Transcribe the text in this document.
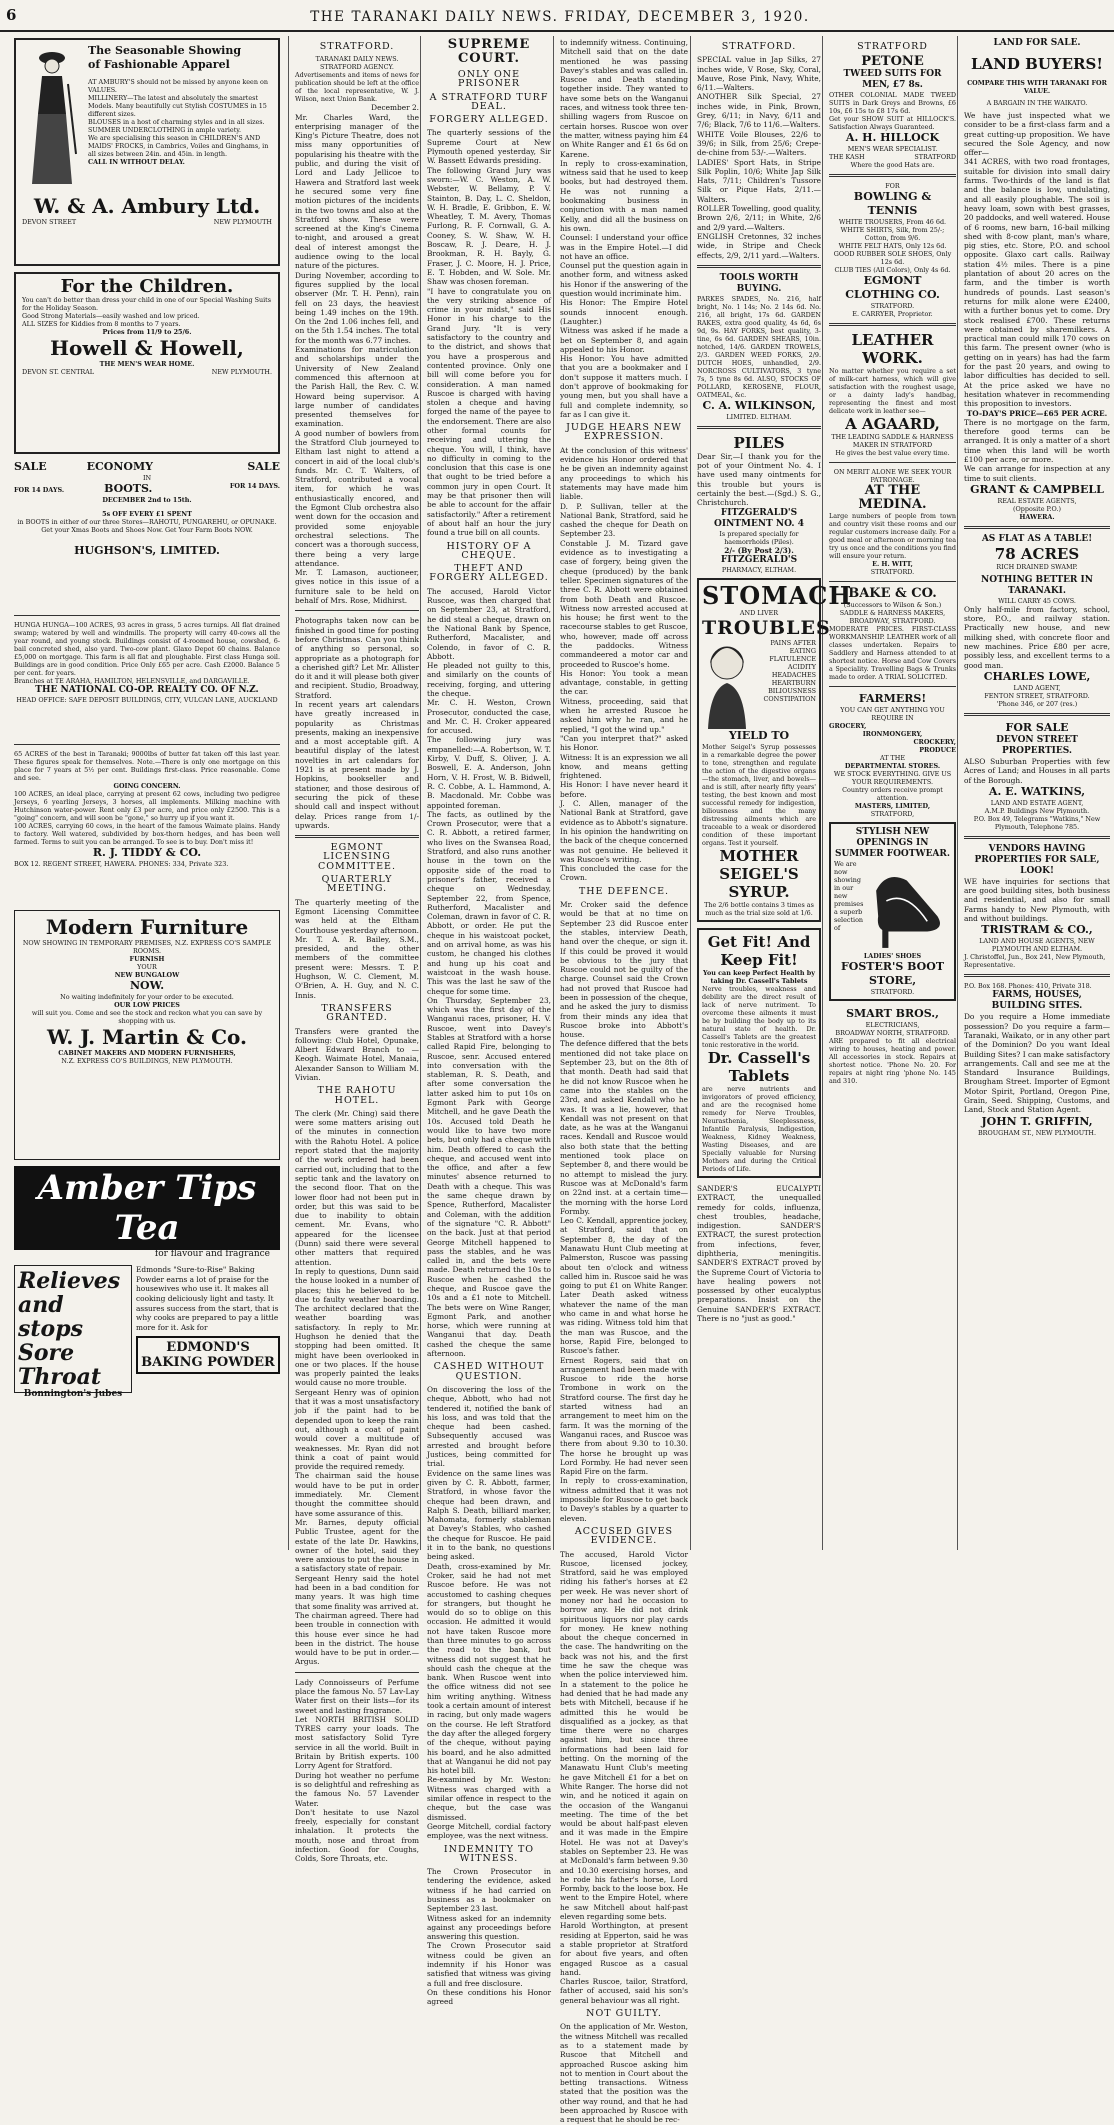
6	THE TARANAKI DAILY NEWS. FRIDAY, DECEMBER 3, 1920.
The Seasonable Showing
of Fashionable Apparel
AT AMBURY'S should not be missed by anyone keen on VALUES.
MILLINERY—The latest and absolutely the smartest Models. Many beautifully cut Stylish COSTUMES in 15 different sizes.
BLOUSES in a host of charming styles and in all sizes.
SUMMER UNDERCLOTHING in ample variety.
We are specialising this season in CHILDREN'S AND MAIDS' FROCKS, in Cambrics, Voiles and Ginghams, in all sizes between 24in. and 45in. in length.
CALL IN WITHOUT DELAY.
W. & A. Ambury Ltd.
DEVON STREET	NEW PLYMOUTH
For the Children.
You can't do better than dress your child in one of our Special Washing Suits for the Holiday Season.
Good Strong Materials—easily washed and low priced.
ALL SIZES for Kiddies from 8 months to 7 years.
Prices from 11/9 to 25/6.
Howell & Howell,
THE MEN'S WEAR HOME.
DEVON ST. CENTRAL	NEW PLYMOUTH.
SALE	ECONOMY	SALE
IN
FOR 14 DAYS.	BOOTS.	FOR 14 DAYS.
DECEMBER 2nd to 15th.
5s OFF EVERY £1 SPENT
in BOOTS in either of our three Stores—RAHOTU, PUNGAREHU, or OPUNAKE.
Get your Xmas Boots and Shoes Now. Get Your Farm Boots NOW.
HUGHSON'S, LIMITED.
HUNGA HUNGA—100 ACRES, 93 acres in grass, 5 acres turnips. All flat drained swamp; watered by well and windmills. The property will carry 40-cows all the year round, and young stock. Buildings consist of 4-roomed house, cowshed, 6-bail concreted shed, also yard. Two-cow plant. Glaxo Depot 60 chains. Balance £5,000 on mortgage. This farm is all flat and ploughable. First class Hunga soil. Buildings are in good condition. Price Only £65 per acre. Cash £2000. Balance 5 per cent. for years.
Branches at TE ARAHA, HAMILTON, HELENSVILLE, and DARGAVILLE.
THE NATIONAL CO-OP. REALTY CO. OF N.Z.
HEAD OFFICE: SAFE DEPOSIT BUILDINGS, CITY, VULCAN LANE, AUCKLAND
65 ACRES of the best in Taranaki; 9000lbs of butter fat taken off this last year. These figures speak for themselves. Note.—There is only one mortgage on this place for 7 years at 5½ per cent. Buildings first-class. Price reasonable. Come and see.
GOING CONCERN.
100 ACRES, an ideal place, carrying at present 62 cows, including two pedigree Jerseys, 6 yearling Jerseys, 3 horses, all implements. Milking machine with Hutchinson water-power. Rent only £3 per acre, and price only £2500. This is a "going" concern, and will soon be "gone," so hurry up if you want it.
100 ACRES, carrying 60 cows, in the heart of the famous Waimate plains. Handy to factory. Well watered, subdivided by box-thorn hedges, and has been well farmed. Terms to suit you can be arranged. To see is to buy. Don't miss it!
R. J. TIDDY & CO.
BOX 12. REGENT STREET, HAWERA. PHONES: 334, Private 323.
Modern Furniture
NOW SHOWING IN TEMPORARY PREMISES, N.Z. EXPRESS CO'S SAMPLE ROOMS.
FURNISH
YOUR
NEW BUNGALOW
NOW.
No waiting indefinitely for your order to be executed.
OUR LOW PRICES
will suit you. Come and see the stock and reckon what you can save by shopping with us.
W. J. Martin & Co.
CABINET MAKERS AND MODERN FURNISHERS,
N.Z. EXPRESS CO'S BUILDINGS, NEW PLYMOUTH.
Amber Tips Tea
for flavour and fragrance
Relieves and
stops Sore
Throat
Bonnington's Jubes
Edmonds "Sure-to-Rise" Baking Powder earns a lot of praise for the housewives who use it. It makes all cooking deliciously light and tasty. It assures success from the start, that is why cooks are prepared to pay a little more for it. Ask for
EDMOND'S BAKING POWDER
STRATFORD.
TARANAKI DAILY NEWS.
STRATFORD AGENCY.
Advertisements and items of news for publication should be left at the office of the local representative, W. J. Wilson, next Union Bank.
December 2.
Mr. Charles Ward, the enterprising manager of the King's Picture Theatre, does not miss many opportunities of popularising his theatre with the public, and during the visit of Lord and Lady Jellicoe to Hawera and Stratford last week he secured some very fine motion pictures of the incidents in the two towns and also at the Stratford show. These were screened at the King's Cinema to-night, and aroused a great deal of interest amongst the audience owing to the local nature of the pictures.
During November, according to figures supplied by the local observer (Mr. T. H. Penn), rain fell on 23 days, the heaviest being 1.49 inches on the 19th. On the 2nd 1.06 inches fell, and on the 5th 1.54 inches. The total for the month was 6.77 inches.
Examinations for matriculation and scholarships under the University of New Zealand commenced this afternoon at the Parish Hall, the Rev. C. W. Howard being supervisor. A large number of candidates presented themselves for examination.
A good number of bowlers from the Stratford Club journeyed to Eltham last night to attend a concert in aid of the local club's funds. Mr. C. T. Walters, of Stratford, contributed a vocal item, for which he was enthusiastically encored, and the Egmont Club orchestra also went down for the occasion and provided some enjoyable orchestral selections. The concert was a thorough success, there being a very large attendance.
Mr. T. Lamason, auctioneer, gives notice in this issue of a furniture sale to be held on behalf of Mrs. Rose, Midhirst.
Photographs taken now can be finished in good time for posting before Christmas. Can you think of anything so personal, so appropriate as a photograph for a cherished gift? Let Mr. Allister do it and it will please both giver and recipient. Studio, Broadway, Stratford.
In recent years art calendars have greatly increased in popularity as Christmas presents, making an inexpensive and a most acceptable gift. A beautiful display of the latest novelties in art calendars for 1921 is at present made by J. Hopkins, bookseller and stationer, and those desirous of securing the pick of these should call and inspect without delay. Prices range from 1/- upwards.
EGMONT LICENSING COMMITTEE.
QUARTERLY MEETING.
The quarterly meeting of the Egmont Licensing Committee was held at the Eltham Courthouse yesterday afternoon. Mr. T. A. R. Bailey, S.M., presided, and the other members of the committee present were: Messrs. T. P. Hughson, W. C. Clement, M. O'Brien, A. H. Guy, and N. C. Innis.
TRANSFERS GRANTED.
Transfers were granted the following: Club Hotel, Opunake, Albert Edward Branch to — Keogh. Waimate Hotel, Manaia, Alexander Sanson to William M. Vivian.
THE RAHOTU HOTEL.
The clerk (Mr. Ching) said there were some matters arising out of the minutes in connection with the Rahotu Hotel. A police report stated that the majority of the work ordered had been carried out, including that to the septic tank and the lavatory on the second floor. That on the lower floor had not been put in order, but this was said to be due to inability to obtain cement. Mr. Evans, who appeared for the licensee (Dunn) said there were several other matters that required attention.
In reply to questions, Dunn said the house looked in a number of places; this he believed to be due to faulty weather boarding. The architect declared that the weather boarding was satisfactory. In reply to Mr. Hughson he denied that the stopping had been omitted. It might have been overlooked in one or two places. If the house was properly painted the leaks would cause no more trouble.
Sergeant Henry was of opinion that it was a most unsatisfactory job if the paint had to be depended upon to keep the rain out, although a coat of paint would cover a multitude of weaknesses. Mr. Ryan did not think a coat of paint would provide the required remedy.
The chairman said the house would have to be put in order immediately. Mr. Clement thought the committee should have some assurance of this.
Mr. Barnes, deputy official Public Trustee, agent for the estate of the late Dr. Hawkins, owner of the hotel, said they were anxious to put the house in a satisfactory state of repair.
Sergeant Henry said the hotel had been in a bad condition for many years. It was high time that some finality was arrived at.
The chairman agreed. There had been trouble in connection with this house ever since he had been in the district. The house would have to be put in order.—Argus.
Lady Connoisseurs of Perfume place the famous No. 57 Lav-Lay Water first on their lists—for its sweet and lasting fragrance.
Let NORTH BRITISH SOLID TYRES carry your loads. The most satisfactory Solid Tyre service in all the world. Built in Britain by British experts. 100 Lorry Agent for Stratford.
During hot weather no perfume is so delightful and refreshing as the famous No. 57 Lavender Water.
Don't hesitate to use Nazol freely, especially for constant inhalation. It protects the mouth, nose and throat from infection. Good for Coughs, Colds, Sore Throats, etc.
SUPREME COURT.
ONLY ONE PRISONER
A STRATFORD TURF DEAL.
FORGERY ALLEGED.
The quarterly sessions of the Supreme Court at New Plymouth opened yesterday, Sir W. Bassett Edwards presiding.
The following Grand Jury was sworn:—W. C. Weston, A. W. Webster, W. Bellamy, P. V. Stainton, B. Day, L. C. Sheldon, W. H. Bradle, E. Gribbon, E. W. Wheatley, T. M. Avery, Thomas Furlong, R. F. Cornwall, G. A. Cooney, S. W. Shaw, W. H. Boscaw, R. J. Deare, H. J. Brookman, R. H. Bayly, G. Fraser, J. C. Moore, H. J. Price, E. T. Hobden, and W. Sole. Mr. Shaw was chosen foreman.
"I have to congratulate you on the very striking absence of crime in your midst," said His Honor in his charge to the Grand Jury. "It is very satisfactory to the country and to the district, and shows that you have a prosperous and contented province. Only one bill will come before you for consideration. A man named Ruscoe is charged with having stolen a cheque and having forged the name of the payee to the endorsement. There are also other formal counts for receiving and uttering the cheque. You will, I think, have no difficulty in coming to the conclusion that this case is one that ought to be tried before a common jury in open Court. It may be that prisoner then will be able to account for the affair satisfactorily." After a retirement of about half an hour the jury found a true bill on all counts.
HISTORY OF A CHEQUE.
THEFT AND FORGERY ALLEGED.
The accused, Harold Victor Ruscoe, was then charged that on September 23, at Stratford, he did steal a cheque, drawn on the National Bank by Spence, Rutherford, Macalister, and Colendo, in favor of C. R. Abbott.
He pleaded not guilty to this, and similarly on the counts of receiving, forging, and uttering the cheque.
Mr. C. H. Weston, Crown Prosecutor, conducted the case, and Mr. C. H. Croker appeared for accused.
The following jury was empanelled:—A. Robertson, W. T. Kirby, V. Duff, S. Oliver, J. A. Boswell, E. A. Anderson, John Horn, V. H. Frost, W. B. Bidwell, R. C. Cobbe, A. L. Hammond, A. B. Macdonald. Mr. Cobbe was appointed foreman.
The facts, as outlined by the Crown Prosecutor, were that a C. R. Abbott, a retired farmer, who lives on the Swansea Road, Stratford, and also runs another house in the town on the opposite side of the road to prisoner's father, received a cheque on Wednesday, September 22, from Spence, Rutherford, Macalister and Coleman, drawn in favor of C. R. Abbott, or order. He put the cheque in his waistcoat pocket, and on arrival home, as was his custom, he changed his clothes and hung up his coat and waistcoat in the wash house. This was the last he saw of the cheque for some time.
On Thursday, September 23, which was the first day of the Wanganui races, prisoner, H. V. Ruscoe, went into Davey's Stables at Stratford with a horse called Rapid Fire, belonging to Ruscoe, senr. Accused entered into conversation with the stableman, R. S. Death, and after some conversation the latter asked him to put 10s on Egmont Park with George Mitchell, and he gave Death the 10s. Accused told Death he would like to have two more bets, but only had a cheque with him. Death offered to cash the cheque, and accused went into the office, and after a few minutes' absence returned to Death with a cheque. This was the same cheque drawn by Spence, Rutherford, Macalister and Coleman, with the addition of the signature "C. R. Abbott" on the back. Just at that period George Mitchell happened to pass the stables, and he was called in, and the bets were made. Death returned the 10s to Ruscoe when he cashed the cheque, and Ruscoe gave the 10s and a £1 note to Mitchell. The bets were on Wine Ranger, Egmont Park, and another horse, which were running at Wanganui that day. Death cashed the cheque the same afternoon.
CASHED WITHOUT QUESTION.
On discovering the loss of the cheque, Abbott, who had not tendered it, notified the bank of his loss, and was told that the cheque had been cashed. Subsequently accused was arrested and brought before Justices, being committed for trial.
Evidence on the same lines was given by C. R. Abbott, farmer, Stratford, in whose favor the cheque had been drawn, and Ralph S. Death, billiard marker, Mahomata, formerly stableman at Davey's Stables, who cashed the cheque for Ruscoe. He paid it in to the bank, no questions being asked.
Death, cross-examined by Mr. Croker, said he had not met Ruscoe before. He was not accustomed to cashing cheques for strangers, but thought he would do so to oblige on this occasion. He admitted it would not have taken Ruscoe more than three minutes to go across the road to the bank, but witness did not suggest that he should cash the cheque at the bank. When Ruscoe went into the office witness did not see him writing anything. Witness took a certain amount of interest in racing, but only made wagers on the course. He left Stratford the day after the alleged forgery of the cheque, without paying his board, and he also admitted that at Wanganui he did not pay his hotel bill.
Re-examined by Mr. Weston: Witness was charged with a similar offence in respect to the cheque, but the case was dismissed.
George Mitchell, cordial factory employee, was the next witness.
INDEMNITY TO WITNESS.
The Crown Prosecutor in tendering the evidence, asked witness if he had carried on business as a bookmaker on September 23 last.
Witness asked for an indemnity against any proceedings before answering this question.
The Crown Prosecutor said witness could be given an indemnity if his Honor was satisfied that witness was giving a full and free disclosure.
On these conditions his Honor agreed
to indemnify witness. Continuing, Mitchell said that on the date mentioned he was passing Davey's stables and was called in. Ruscoe and Death standing together inside. They wanted to have some bets on the Wanganui races, and witness took three ten-shilling wagers from Ruscoe on certain horses. Ruscoe won over the matter, witness paying him £4 on White Ranger and £1 6s 6d on Karene.
In reply to cross-examination, witness said that he used to keep books, but had destroyed them. He was not running a bookmaking business in conjunction with a man named Kelly, and did all the business on his own.
Counsel: I understand your office was in the Empire Hotel.—I did not have an office.
Counsel put the question again in another form, and witness asked his Honor if the answering of the question would incriminate him.
His Honor: The Empire Hotel sounds innocent enough. (Laughter.)
Witness was asked if he made a bet on September 8, and again appealed to his Honor.
His Honor: You have admitted that you are a bookmaker and I don't suppose it matters much. I don't approve of bookmaking for young men, but you shall have a full and complete indemnity, so far as I can give it.
JUDGE HEARS NEW EXPRESSION.
At the conclusion of this witness' evidence his Honor ordered that he be given an indemnity against any proceedings to which his statements may have made him liable.
D. P. Sullivan, teller at the National Bank, Stratford, said he cashed the cheque for Death on September 23.
Constable J. M. Tizard gave evidence as to investigating a case of forgery, being given the cheque (produced) by the bank teller. Specimen signatures of the three C. R. Abbott were obtained from both Death and Ruscoe. Witness now arrested accused at his house; he first went to the racecourse stables to get Ruscoe, who, however, made off across the paddocks. Witness commandeered a motor car and proceeded to Ruscoe's home.
His Honor: You took a mean advantage, constable, in getting the car.
Witness, proceeding, said that when he arrested Ruscoe he asked him why he ran, and he replied, "I got the wind up."
"Can you interpret that?" asked his Honor.
Witness: It is an expression we all know, and means getting frightened.
His Honor: I have never heard it before.
J. C. Allen, manager of the National Bank at Stratford, gave evidence as to Abbott's signature. In his opinion the handwriting on the back of the cheque concerned was not genuine. He believed it was Ruscoe's writing.
This concluded the case for the Crown.
THE DEFENCE.
Mr. Croker said the defence would be that at no time on September 23 did Ruscoe enter the stables, interview Death, hand over the cheque, or sign it. If this could be proved it would be obvious to the jury that Ruscoe could not be guilty of the charge. Counsel said the Crown had not proved that Ruscoe had been in possession of the cheque, and he asked the jury to dismiss from their minds any idea that Ruscoe broke into Abbott's house.
The defence differed that the bets mentioned did not take place on September 23, but on the 8th of that month. Death had said that he did not know Ruscoe when he came into the stables on the 23rd, and asked Kendall who he was. It was a lie, however, that Kendall was not present on that date, as he was at the Wanganui races. Kendall and Ruscoe would also both state that the betting mentioned took place on September 8, and there would be no attempt to mislead the jury. Ruscoe was at McDonald's farm on 22nd inst. at a certain time—the morning with the horse Lord Formby.
Leo C. Kendall, apprentice jockey, at Stratford, said that on September 8, the day of the Manawatu Hunt Club meeting at Palmerston, Ruscoe was passing about ten o'clock and witness called him in. Ruscoe said he was going to put £1 on White Ranger. Later Death asked witness whatever the name of the man who came in and what horse he was riding. Witness told him that the man was Ruscoe, and the horse, Rapid Fire, belonged to Ruscoe's father.
Ernest Rogers, said that on arrangement had been made with Ruscoe to ride the horse Trombone in work on the Stratford course. The first day he started witness had an arrangement to meet him on the farm. It was the morning of the Wanganui races, and Ruscoe was there from about 9.30 to 10.30. The horse he brought up was Lord Formby. He had never seen Rapid Fire on the farm.
In reply to cross-examination, witness admitted that it was not impossible for Ruscoe to get back to Davey's stables by a quarter to eleven.
ACCUSED GIVES EVIDENCE.
The accused, Harold Victor Ruscoe, licensed jockey, Stratford, said he was employed riding his father's horses at £2 per week. He was never short of money nor had he occasion to borrow any. He did not drink spirituous liquors nor play cards for money. He knew nothing about the cheque concerned in the case. The handwriting on the back was not his, and the first time he saw the cheque was when the police interviewed him. In a statement to the police he had denied that he had made any bets with Mitchell, because if he admitted this he would be disqualified as a jockey, as that time there were no charges against him, but since three informations had been laid for betting. On the morning of the Manawatu Hunt Club's meeting he gave Mitchell £1 for a bet on White Ranger. The horse did not win, and he noticed it again on the occasion of the Wanganui meeting. The time of the bet would be about half-past eleven and it was made in the Empire Hotel. He was not at Davey's stables on September 23. He was at McDonald's farm between 9.30 and 10.30 exercising horses, and he rode his father's horse, Lord Formby, back to the loose box. He went to the Empire Hotel, where he saw Mitchell about half-past eleven regarding some bets.
Harold Worthington, at present residing at Epperton, said he was a stable proprietor at Stratford for about five years, and often engaged Ruscoe as a casual hand.
Charles Ruscoe, tailor, Stratford, father of accused, said his son's general behaviour was all right.
NOT GUILTY.
On the application of Mr. Weston, the witness Mitchell was recalled as to a statement made by Ruscoe that Mitchell and approached Ruscoe asking him not to mention in Court about the betting transactions. Witness stated that the position was the other way round, and that he had been approached by Ruscoe with a request that he should be rec-
STRATFORD.
SPECIAL value in Jap Silks, 27 inches wide, V Rose, Sky, Coral, Mauve, Rose Pink, Navy, White, 6/11.—Walters.
ANOTHER Silk Special, 27 inches wide, in Pink, Brown, Grey, 6/11; in Navy, 6/11 and 7/6; Black, 7/6 to 11/6.—Walters.
WHITE Voile Blouses, 22/6 to 39/6; in Silk, from 25/6; Crepe-de-chine from 53/-.—Walters.
LADIES' Sport Hats, in Stripe Silk Poplin, 10/6; White Jap Silk Hats, 7/11; Children's Tussore Silk or Pique Hats, 2/11.—Walters.
ROLLER Towelling, good quality, Brown 2/6, 2/11; in White, 2/6 and 2/9 yard.—Walters.
ENGLISH Cretonnes, 32 inches wide, in Stripe and Check effects, 2/9, 2/11 yard.—Walters.
TOOLS WORTH BUYING.
PARKES SPADES, No. 216, half bright, No. 1 14s; No. 2 14s 6d. No. 216, all bright, 17s 6d. GARDEN RAKES, extra good quality, 4s 6d, 6s 9d, 9s. HAY FORKS, best quality, 3-tine, 6s 6d. GARDEN SHEARS, 10in. notched, 14/6. GARDEN TROWELS, 2/3. GARDEN WEED FORKS, 2/9. DUTCH HOES, unhandled, 2/9. NORCROSS CULTIVATORS, 3 tyne 7s, 5 tyne 8s 6d. ALSO, STOCKS OF POLLARD, KEROSENE, FLOUR, OATMEAL, &c.
C. A. WILKINSON,
LIMITED. ELTHAM.
PILES
Dear Sir,—I thank you for the pot of your Ointment No. 4. I have used many ointments for this trouble but yours is certainly the best.—(Sgd.) S. G., Christchurch.
FITZGERALD'S OINTMENT NO. 4
Is prepared specially for haemorrhoids (Piles).
2/- (By Post 2/3).
FITZGERALD'S
PHARMACY, ELTHAM.
STOMACH
AND LIVER
TROUBLES
PAINS AFTER EATING
FLATULENCE
ACIDITY
HEADACHES
HEARTBURN
BILIOUSNESS
CONSTIPATION
YIELD TO
Mother Seigel's Syrup possesses in a remarkable degree the power to tone, strengthen and regulate the action of the digestive organs—the stomach, liver, and bowels—and is still, after nearly fifty years' testing, the best known and most successful remedy for indigestion, biliousness and the many distressing ailments which are traceable to a weak or disordered condition of these important organs. Test it yourself.
MOTHER SEIGEL'S SYRUP.
The 2/6 bottle contains 3 times as much as the trial size sold at 1/6.
Get Fit! And Keep Fit!
You can keep Perfect Health by taking Dr. Cassell's Tablets
Nerve troubles, weakness and debility are the direct result of lack of nerve nutriment. To overcome these ailments it must be by building the body up to its natural state of health. Dr. Cassell's Tablets are the greatest tonic restorative in the world.
Dr. Cassell's Tablets
are nerve nutrients and invigorators of proved efficiency, and are the recognised home remedy for Nerve Troubles, Neurasthenia, Sleeplessness, Infantile Paralysis, Indigestion, Weakness, Kidney Weakness, Wasting Diseases, and are Specially valuable for Nursing Mothers and during the Critical Periods of Life.
SANDER'S EUCALYPTI EXTRACT, the unequalled remedy for colds, influenza, chest troubles, headache, indigestion. SANDER'S EXTRACT, the surest protection from infections, fever, diphtheria, meningitis. SANDER'S EXTRACT proved by the Supreme Court of Victoria to have healing powers not possessed by other eucalyptus preparations. Insist on the Genuine SANDER'S EXTRACT. There is no "just as good."
STRATFORD
PETONE
TWEED SUITS FOR MEN, £7 8s.
OTHER COLONIAL MADE TWEED SUITS in Dark Greys and Browns, £6 10s, £6 15s to £8 17s 6d.
Get your SHOW SUIT at HILLOCK'S. Satisfaction Always Guaranteed.
A. H. HILLOCK
MEN'S WEAR SPECIALIST.
THE KASH	STRATFORD
Where the good Hats are.
FOR
BOWLING & TENNIS
WHITE TROUSERS, From 46 6d.
WHITE SHIRTS, Silk, from 25/-; Cotton, from 9/6.
WHITE FELT HATS, Only 12s 6d.
GOOD RUBBER SOLE SHOES, Only 12s 6d.
CLUB TIES (All Colors), Only 4s 6d.
EGMONT CLOTHING CO.
STRATFORD.
E. CARRYER, Proprietor.
LEATHER WORK.
No matter whether you require a set of milk-cart harness, which will give satisfaction with the roughest usage, or a dainty lady's handbag, representing the finest and most delicate work in leather see—
A AGAARD,
THE LEADING SADDLE & HARNESS MAKER IN STRATFORD
He gives the best value every time.
ON MERIT ALONE WE SEEK YOUR PATRONAGE.
AT THE MEDINA.
Large numbers of people from town and country visit these rooms and our regular customers increase daily. For a good meal or afternoon or morning tea try us once and the conditions you find will ensure your return.
E. H. WITT,
STRATFORD.
BAKE & CO.
(Successors to Wilson & Son.) SADDLE & HARNESS MAKERS, BROADWAY, STRATFORD.
MODERATE PRICES. FIRST-CLASS WORKMANSHIP. LEATHER work of all classes undertaken. Repairs to Saddlery and Harness attended to at shortest notice. Horse and Cow Covers a Speciality. Travelling Bags & Trunks made to order. A TRIAL SOLICITED.
FARMERS!
YOU CAN GET ANYTHING YOU REQUIRE IN
GROCERY,
IRONMONGERY,
CROCKERY,
PRODUCE
AT THE
DEPARTMENTAL STORES.
WE STOCK EVERYTHING. GIVE US YOUR REQUIREMENTS.
Country orders receive prompt attention.
MASTERS, LIMITED,
STRATFORD,
STYLISH NEW OPENINGS IN SUMMER FOOTWEAR.
We are now showing in our new premises a superb selection of
LADIES' SHOES
FOSTER'S BOOT STORE,
STRATFORD.
SMART BROS.,
ELECTRICIANS,
BROADWAY NORTH, STRATFORD.
ARE prepared to fit all electrical wiring to houses, heating and power. All accessories in stock. Repairs at shortest notice. 'Phone No. 20. For repairs at night ring 'phone No. 145 and 310.
LAND FOR SALE.
LAND BUYERS!
COMPARE THIS WITH TARANAKI FOR VALUE.
A BARGAIN IN THE WAIKATO.
We have just inspected what we consider to be a first-class farm and a great cutting-up proposition. We have secured the Sole Agency, and now offer—
341 ACRES, with two road frontages, suitable for division into small dairy farms. Two-thirds of the land is flat and the balance is low, undulating, and all easily ploughable. The soil is heavy loam, sown with best grasses, 20 paddocks, and well watered. House of 6 rooms, new barn, 16-bail milking shed with 8-cow plant, man's whare, pig sties, etc. Store, P.O. and school opposite. Glaxo cart calls. Railway station 4½ miles. There is a pine plantation of about 20 acres on the farm, and the timber is worth hundreds of pounds. Last season's returns for milk alone were £2400, with a further bonus yet to come. Dry stock realised £700. These returns were obtained by sharemilkers. A practical man could milk 170 cows on this farm. The present owner (who is getting on in years) has had the farm for the past 20 years, and owing to labor difficulties has decided to sell. At the price asked we have no hesitation whatever in recommending this proposition to investors.
TO-DAY'S PRICE—£65 PER ACRE.
There is no mortgage on the farm, therefore good terms can be arranged. It is only a matter of a short time when this land will be worth £100 per acre, or more.
We can arrange for inspection at any time to suit clients.
GRANT & CAMPBELL
REAL ESTATE AGENTS,
(Opposite P.O.)
HAWERA.
AS FLAT AS A TABLE!
78 ACRES
RICH DRAINED SWAMP.
NOTHING BETTER IN TARANAKI.
WILL CARRY 45 COWS.
Only half-mile from factory, school, store, P.O., and railway station. Practically new house, and new milking shed, with concrete floor and new machines. Price £80 per acre, possibly less, and excellent terms to a good man.
CHARLES LOWE,
LAND AGENT,
FENTON STREET, STRATFORD.
'Phone 346, or 207 (res.)
FOR SALE
DEVON STREET PROPERTIES.
ALSO Suburban Properties with few Acres of Land; and Houses in all parts of the Borough.
A. E. WATKINS,
LAND AND ESTATE AGENT,
A.M.P. Buildings New Plymouth.
P.O. Box 49, Telegrams "Watkins," New Plymouth, Telephone 785.
VENDORS HAVING PROPERTIES FOR SALE, LOOK!
WE have inquiries for sections that are good building sites, both business and residential, and also for small Farms handy to New Plymouth, with and without buildings.
TRISTRAM & CO.,
LAND AND HOUSE AGENTS, NEW PLYMOUTH AND ELTHAM.
J. Christoffel, Jun., Box 241, New Plymouth, Representative.
P.O. Box 168. Phones: 410, Private 318.
FARMS, HOUSES, BUILDING SITES.
Do you require a Home immediate possession? Do you require a farm—Taranaki, Waikato, or in any other part of the Dominion? Do you want Ideal Building Sites? I can make satisfactory arrangements. Call and see me at the Standard Insurance Buildings, Brougham Street. Importer of Egmont Motor Spirit, Portland, Oregon Pine, Grain, Seed. Shipping, Customs, and Land, Stock and Station Agent.
JOHN T. GRIFFIN,
BROUGHAM ST., NEW PLYMOUTH.
